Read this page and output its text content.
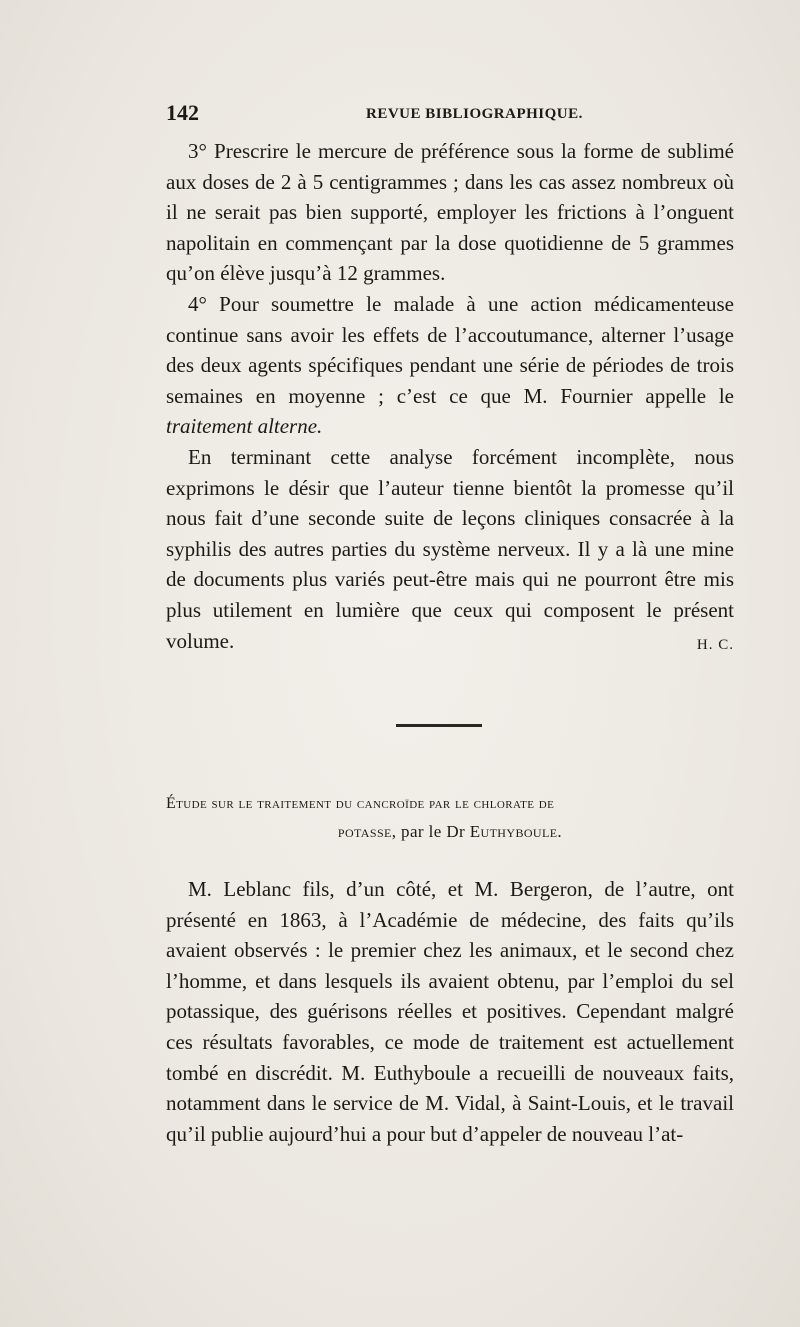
142	REVUE BIBLIOGRAPHIQUE.

3° Prescrire le mercure de préférence sous la forme de sublimé aux doses de 2 à 5 centigrammes ; dans les cas assez nombreux où il ne serait pas bien supporté, employer les frictions à l’onguent napolitain en commençant par la dose quotidienne de 5 grammes qu’on élève jusqu’à 12 grammes.

4° Pour soumettre le malade à une action médicamenteuse continue sans avoir les effets de l’accoutumance, alterner l’usage des deux agents spécifiques pendant une série de périodes de trois semaines en moyenne ; c’est ce que M. Fournier appelle le traitement alterne.

En terminant cette analyse forcément incomplète, nous exprimons le désir que l’auteur tienne bientôt la promesse qu’il nous fait d’une seconde suite de leçons cliniques consacrée à la syphilis des autres parties du système nerveux. Il y a là une mine de documents plus variés peut-être mais qui ne pourront être mis plus utilement en lumière que ceux qui composent le présent volume.	H. C.

Étude sur le traitement du cancroïde par le chlorate de
potasse, par le Dr Euthyboule.

M. Leblanc fils, d’un côté, et M. Bergeron, de l’autre, ont présenté en 1863, à l’Académie de médecine, des faits qu’ils avaient observés : le premier chez les animaux, et le second chez l’homme, et dans lesquels ils avaient obtenu, par l’emploi du sel potassique, des guérisons réelles et positives. Cependant malgré ces résultats favorables, ce mode de traitement est actuellement tombé en discrédit. M. Euthyboule a recueilli de nouveaux faits, notamment dans le service de M. Vidal, à Saint-Louis, et le travail qu’il publie aujourd’hui a pour but d’appeler de nouveau l’at-
